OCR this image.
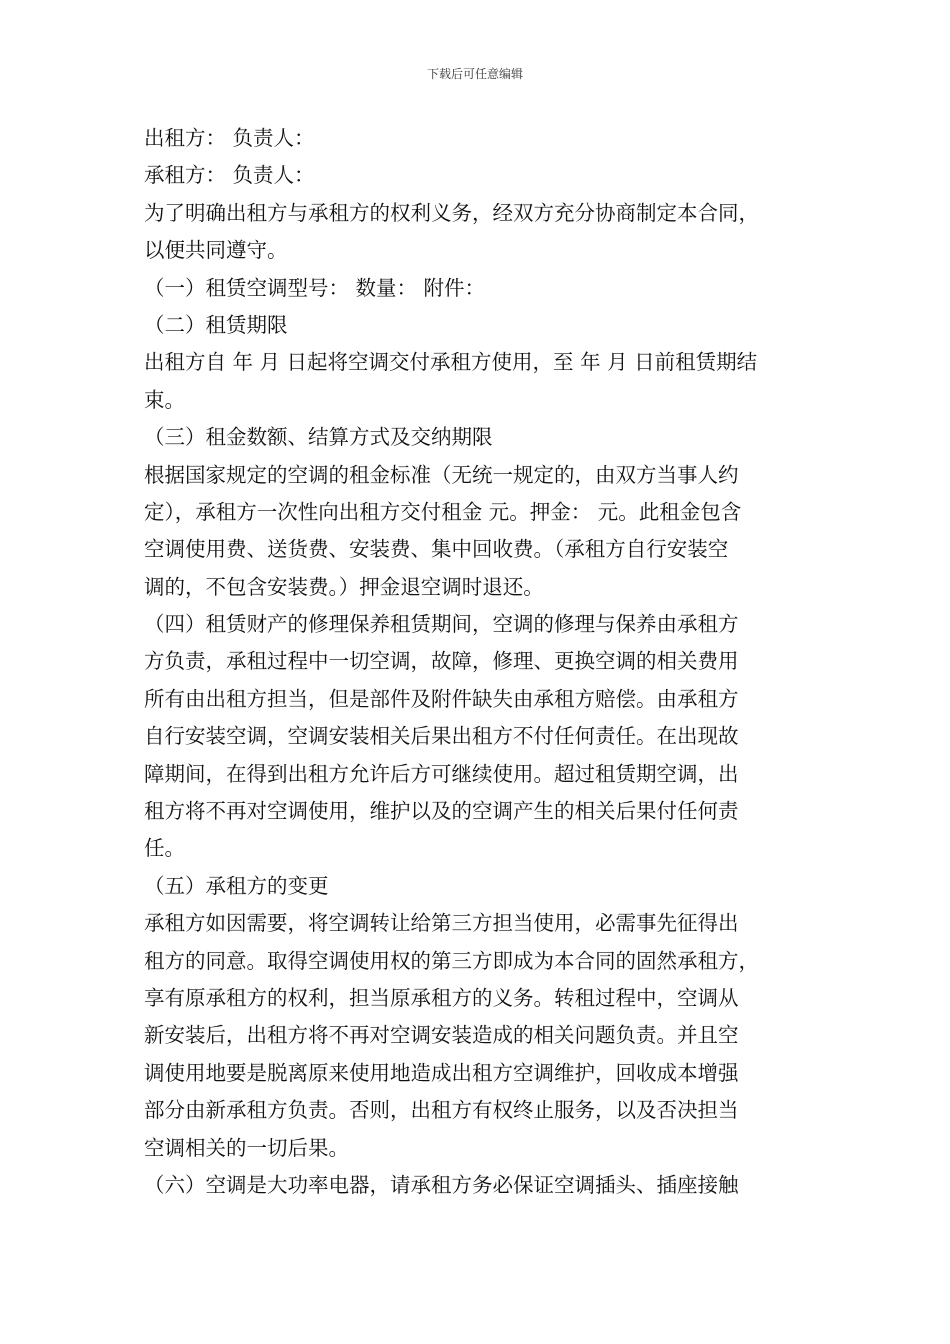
下载后可任意编辑
出租方： 负责人：
承租方： 负责人：
为了明确出租方与承租方的权利义务，经双方充分协商制定本合同，
以便共同遵守。
（一）租赁空调型号： 数量： 附件：
（二）租赁期限
出租方自 年 月 日起将空调交付承租方使用，至 年 月 日前租赁期结
束。
（三）租金数额、结算方式及交纳期限
根据国家规定的空调的租金标准（无统一规定的，由双方当事人约
定），承租方一次性向出租方交付租金 元。押金： 元。此租金包含
空调使用费、送货费、安装费、集中回收费。（承租方自行安装空
调的，不包含安装费。）押金退空调时退还。
（四）租赁财产的修理保养租赁期间，空调的修理与保养由承租方
方负责，承租过程中一切空调，故障，修理、更换空调的相关费用
所有由出租方担当，但是部件及附件缺失由承租方赔偿。由承租方
自行安装空调，空调安装相关后果出租方不付任何责任。在出现故
障期间，在得到出租方允许后方可继续使用。超过租赁期空调，出
租方将不再对空调使用，维护以及的空调产生的相关后果付任何责
任。
（五）承租方的变更
承租方如因需要，将空调转让给第三方担当使用，必需事先征得出
租方的同意。取得空调使用权的第三方即成为本合同的固然承租方，
享有原承租方的权利，担当原承租方的义务。转租过程中，空调从
新安装后，出租方将不再对空调安装造成的相关问题负责。并且空
调使用地要是脱离原来使用地造成出租方空调维护，回收成本增强
部分由新承租方负责。否则，出租方有权终止服务，以及否决担当
空调相关的一切后果。
（六）空调是大功率电器，请承租方务必保证空调插头、插座接触
